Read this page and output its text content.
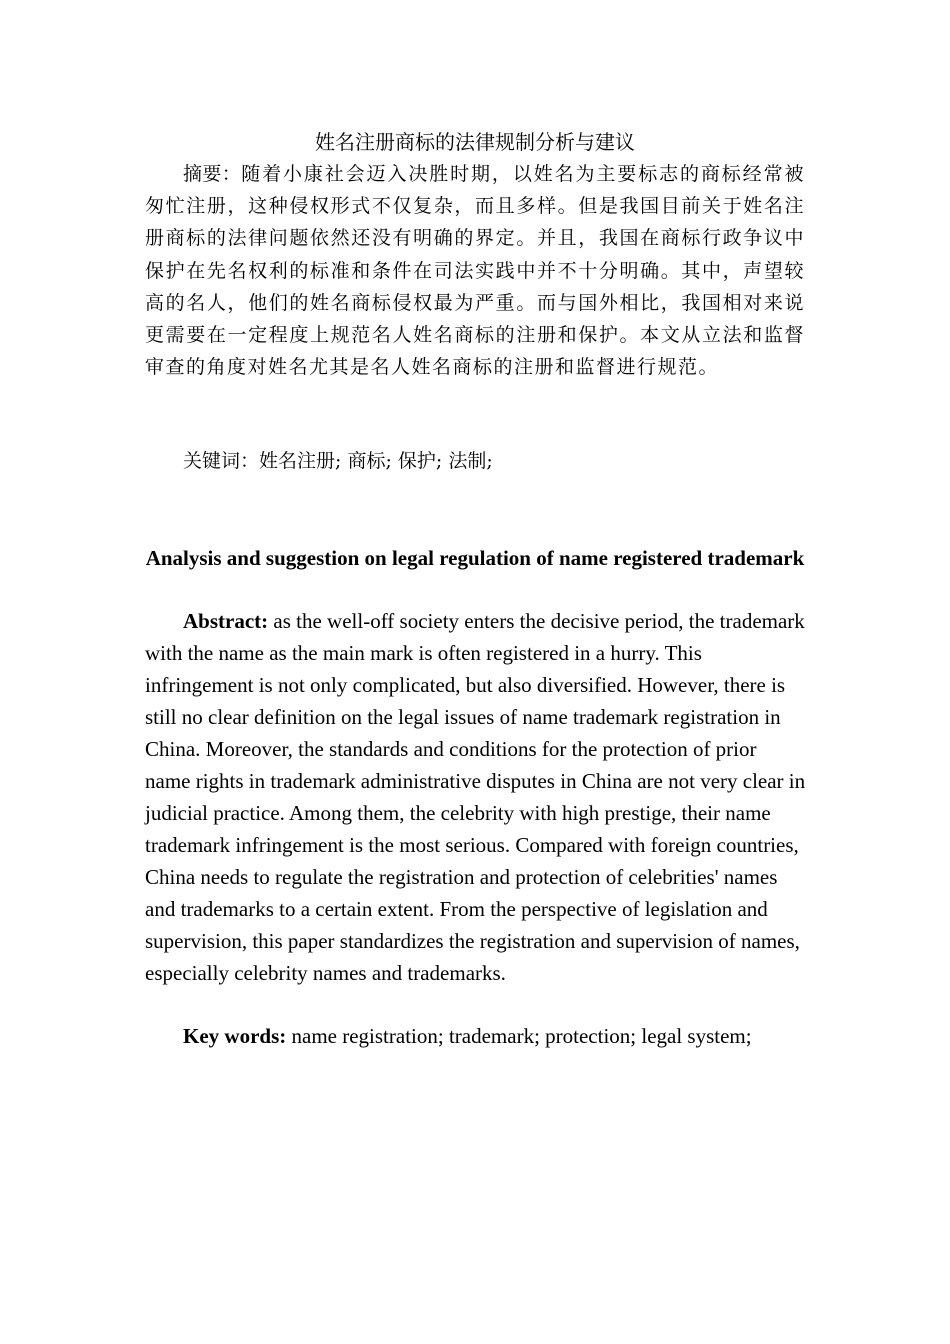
姓名注册商标的法律规制分析与建议

摘要：随着小康社会迈入决胜时期，以姓名为主要标志的商标经常被匆忙注册，这种侵权形式不仅复杂，而且多样。但是我国目前关于姓名注册商标的法律问题依然还没有明确的界定。并且，我国在商标行政争议中保护在先名权利的标准和条件在司法实践中并不十分明确。其中，声望较高的名人，他们的姓名商标侵权最为严重。而与国外相比，我国相对来说更需要在一定程度上规范名人姓名商标的注册和保护。本文从立法和监督审查的角度对姓名尤其是名人姓名商标的注册和监督进行规范。

关键词：姓名注册; 商标; 保护; 法制;

Analysis and suggestion on legal regulation of name registered trademark

Abstract: as the well-off society enters the decisive period, the trademark with the name as the main mark is often registered in a hurry. This infringement is not only complicated, but also diversified. However, there is still no clear definition on the legal issues of name trademark registration in China. Moreover, the standards and conditions for the protection of prior name rights in trademark administrative disputes in China are not very clear in judicial practice. Among them, the celebrity with high prestige, their name trademark infringement is the most serious. Compared with foreign countries, China needs to regulate the registration and protection of celebrities' names and trademarks to a certain extent. From the perspective of legislation and supervision, this paper standardizes the registration and supervision of names, especially celebrity names and trademarks.

Key words: name registration; trademark; protection; legal system;
